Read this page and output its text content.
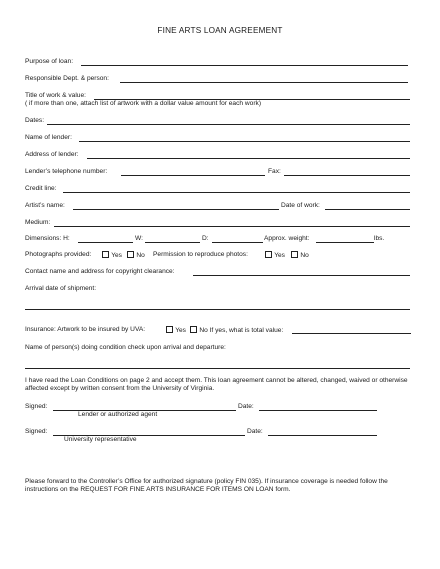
FINE ARTS LOAN AGREEMENT
Purpose of loan:
Responsible Dept. & person:
Title of work & value:
( if more than one, attach list of artwork with a dollar value amount for each work)
Dates:
Name of lender:
Address of lender:
Lender’s telephone number:	Fax:
Credit line:
Artist’s name:	Date of work:
Medium:
Dimensions: H:	W:	D:	Approx. weight:	lbs.
Photographs provided:	Yes	No Permission to reproduce photos:	Yes	No
Contact name and address for copyright clearance:
Arrival date of shipment:
Insurance: Artwork to be insured by UVA:	Yes	No If yes, what is total value:
Name of person(s) doing condition check upon arrival and departure:
I have read the Loan Conditions on page 2 and accept them. This loan agreement cannot be altered, changed, waived or otherwise affected except by written consent from the University of Virginia.
Signed:	Date:
Lender or authorized agent
Signed:	Date:
University representative
Please forward to the Controller’s Office for authorized signature (policy FIN 035). If insurance coverage is needed follow the instructions on the REQUEST FOR FINE ARTS INSURANCE FOR ITEMS ON LOAN form.
